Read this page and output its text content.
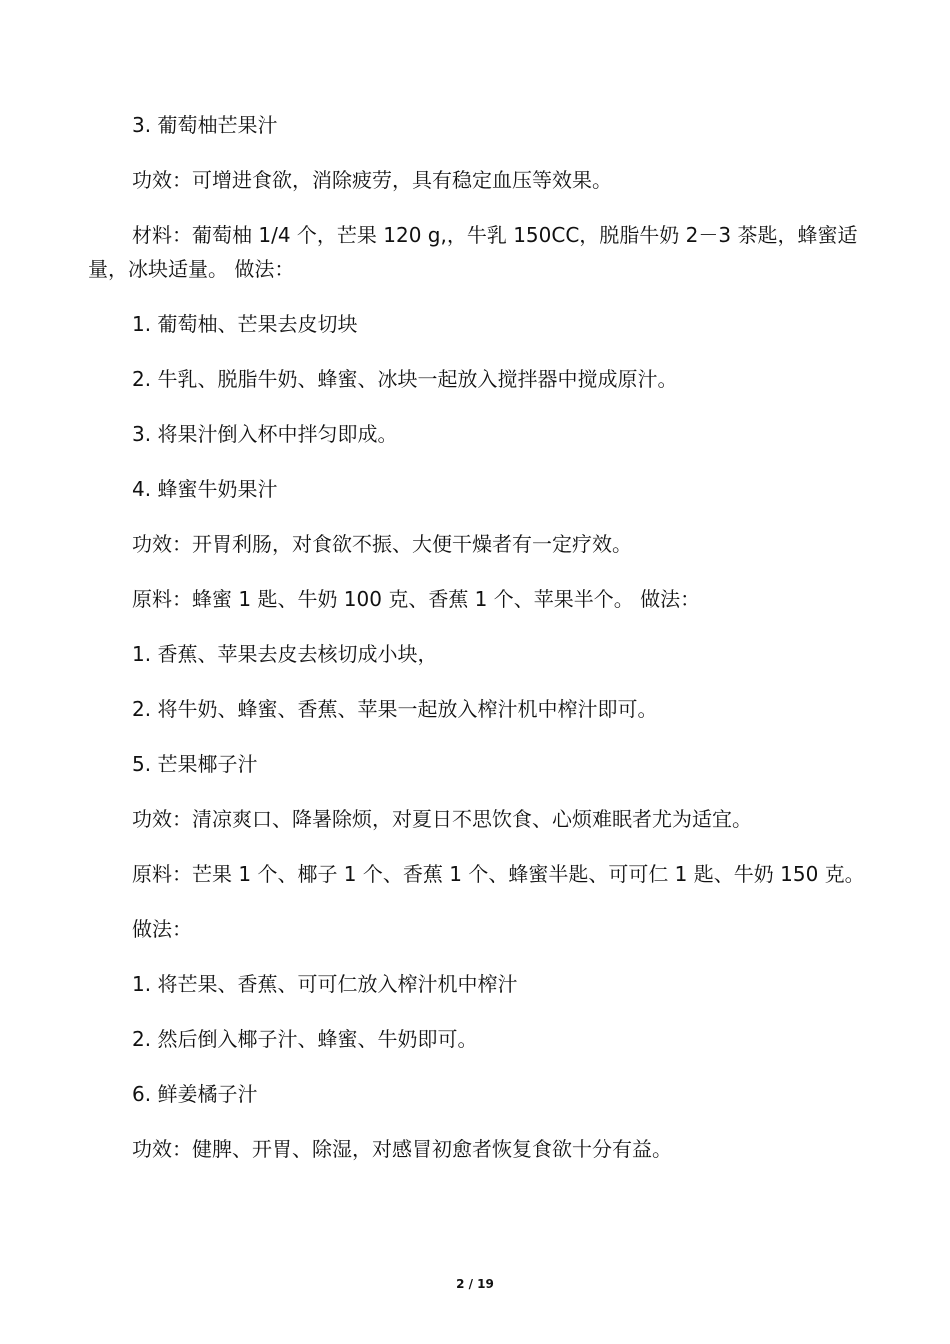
3. 葡萄柚芒果汁

功效：可增进食欲，消除疲劳，具有稳定血压等效果。

材料：葡萄柚 1/4 个，芒果 120 g,，牛乳 150CC，脱脂牛奶 2－3 茶匙，蜂蜜适量，冰块适量。 做法：

1. 葡萄柚、芒果去皮切块

2. 牛乳、脱脂牛奶、蜂蜜、冰块一起放入搅拌器中搅成原汁。

3. 将果汁倒入杯中拌匀即成。

4. 蜂蜜牛奶果汁

功效：开胃利肠，对食欲不振、大便干燥者有一定疗效。

原料：蜂蜜 1 匙、牛奶 100 克、香蕉 1 个、苹果半个。 做法：

1. 香蕉、苹果去皮去核切成小块，

2. 将牛奶、蜂蜜、香蕉、苹果一起放入榨汁机中榨汁即可。

5. 芒果椰子汁

功效：清凉爽口、降暑除烦，对夏日不思饮食、心烦难眠者尤为适宜。

原料：芒果 1 个、椰子 1 个、香蕉 1 个、蜂蜜半匙、可可仁 1 匙、牛奶 150 克。

做法：

1. 将芒果、香蕉、可可仁放入榨汁机中榨汁

2. 然后倒入椰子汁、蜂蜜、牛奶即可。

6. 鲜姜橘子汁

功效：健脾、开胃、除湿，对感冒初愈者恢复食欲十分有益。

2 / 19
